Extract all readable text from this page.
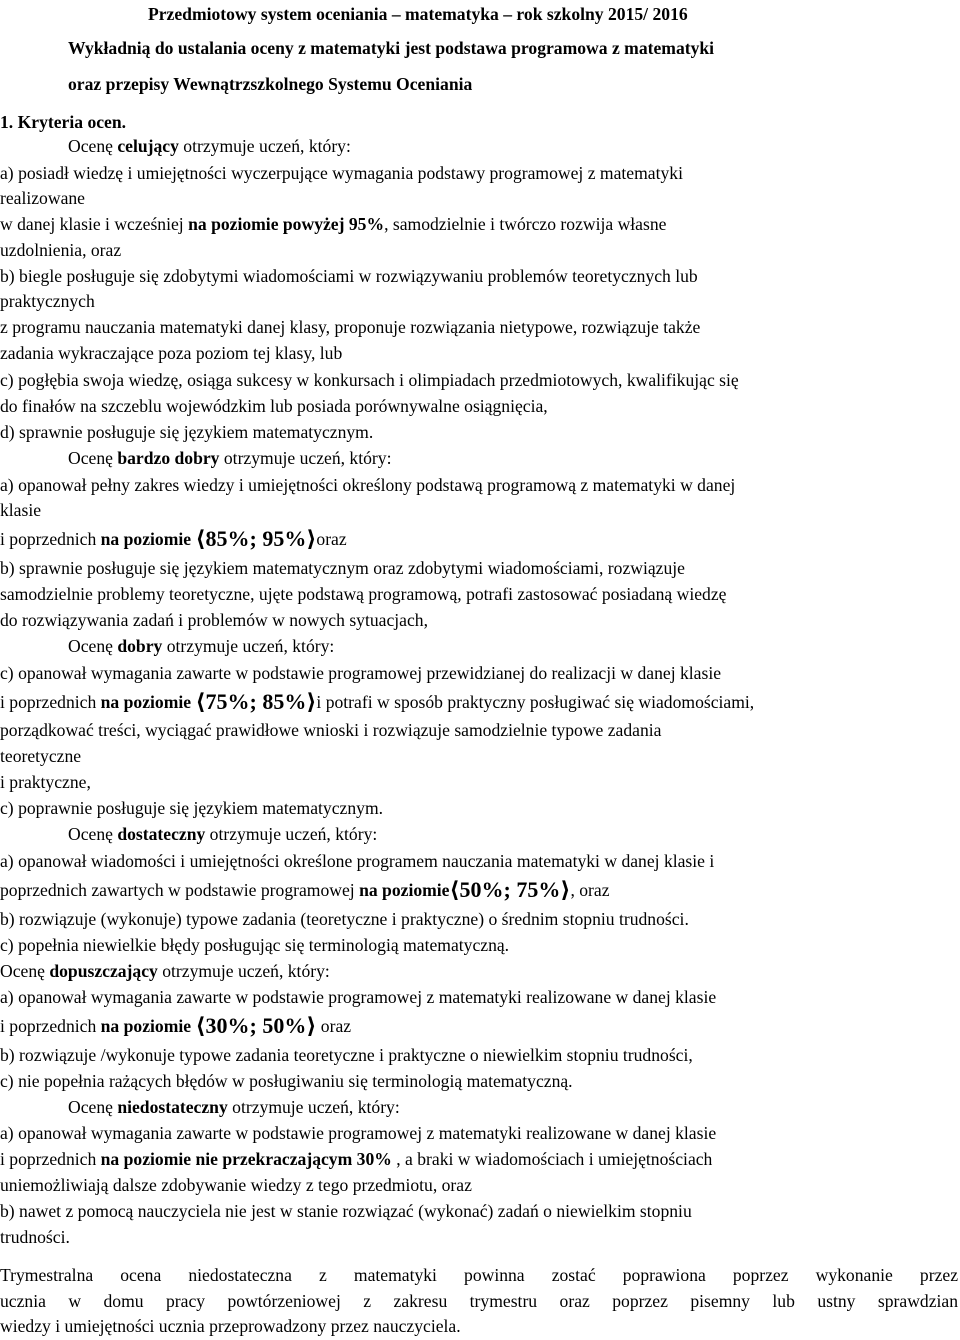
Przedmiotowy system oceniania – matematyka – rok szkolny 2015/ 2016
Wykładnią do ustalania oceny z matematyki jest podstawa programowa z matematyki
oraz przepisy Wewnątrzszkolnego Systemu Oceniania
1. Kryteria ocen.
Ocenę celujący otrzymuje uczeń, który:
a) posiadł wiedzę i umiejętności wyczerpujące wymagania podstawy programowej z matematyki
realizowane
w danej klasie i wcześniej na poziomie powyżej 95%, samodzielnie i twórczo rozwija własne
uzdolnienia, oraz
b) biegle posługuje się zdobytymi wiadomościami w rozwiązywaniu problemów teoretycznych lub
praktycznych
z programu nauczania matematyki danej klasy, proponuje rozwiązania nietypowe, rozwiązuje także
zadania wykraczające poza poziom tej klasy, lub
c) pogłębia swoja wiedzę, osiąga sukcesy w konkursach i olimpiadach przedmiotowych, kwalifikując się
do finałów na szczeblu wojewódzkim lub posiada porównywalne osiągnięcia,
d) sprawnie posługuje się językiem matematycznym.
Ocenę bardzo dobry otrzymuje uczeń, który:
a) opanował pełny zakres wiedzy i umiejętności określony podstawą programową z matematyki w danej
klasie
i poprzednich na poziomie ⟨85%; 95%⟩oraz
b) sprawnie posługuje się językiem matematycznym oraz zdobytymi wiadomościami, rozwiązuje
samodzielnie problemy teoretyczne, ujęte podstawą programową, potrafi zastosować posiadaną wiedzę
do rozwiązywania zadań i problemów w nowych sytuacjach,
Ocenę dobry otrzymuje uczeń, który:
c) opanował wymagania zawarte w podstawie programowej przewidzianej do realizacji w danej klasie
i poprzednich na poziomie ⟨75%; 85%⟩i potrafi w sposób praktyczny posługiwać się wiadomościami,
porządkować treści, wyciągać prawidłowe wnioski i rozwiązuje samodzielnie typowe zadania
teoretyczne
i praktyczne,
c) poprawnie posługuje się językiem matematycznym.
Ocenę dostateczny otrzymuje uczeń, który:
a) opanował wiadomości i umiejętności określone programem nauczania matematyki w danej klasie i
poprzednich zawartych w podstawie programowej na poziomie⟨50%; 75%⟩, oraz
b) rozwiązuje (wykonuje) typowe zadania (teoretyczne i praktyczne) o średnim stopniu trudności.
c) popełnia niewielkie błędy posługując się terminologią matematyczną.
Ocenę dopuszczający otrzymuje uczeń, który:
a) opanował wymagania zawarte w podstawie programowej z matematyki realizowane w danej klasie
i poprzednich na poziomie ⟨30%; 50%⟩ oraz
b) rozwiązuje /wykonuje typowe zadania teoretyczne i praktyczne o niewielkim stopniu trudności,
c) nie popełnia rażących błędów w posługiwaniu się terminologią matematyczną.
Ocenę niedostateczny otrzymuje uczeń, który:
a) opanował wymagania zawarte w podstawie programowej z matematyki realizowane w danej klasie
i poprzednich na poziomie nie przekraczającym 30% , a braki w wiadomościach i umiejętnościach
uniemożliwiają dalsze zdobywanie wiedzy z tego przedmiotu, oraz
b) nawet z pomocą nauczyciela nie jest w stanie rozwiązać (wykonać) zadań o niewielkim stopniu
trudności.
Trymestralna ocena niedostateczna z matematyki powinna zostać poprawiona poprzez wykonanie przez
ucznia w domu pracy powtórzeniowej z zakresu trymestru oraz poprzez pisemny lub ustny sprawdzian
wiedzy i umiejętności ucznia przeprowadzony przez nauczyciela.
